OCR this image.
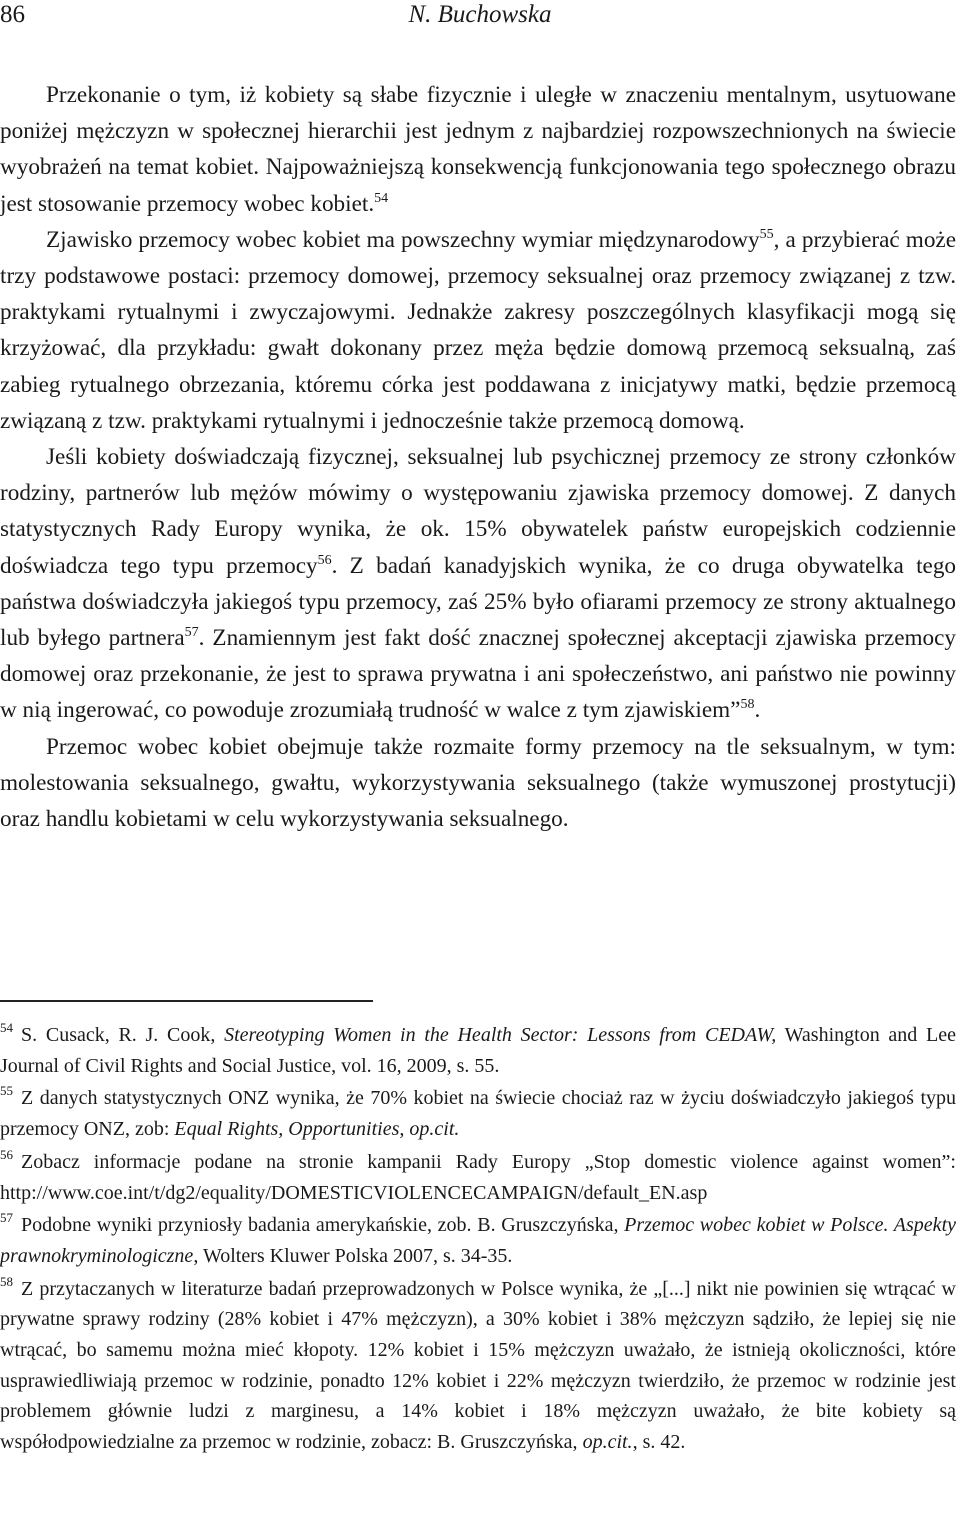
86	N. Buchowska

Przekonanie o tym, iż kobiety są słabe fizycznie i uległe w znaczeniu mentalnym, usytuowane poniżej mężczyzn w społecznej hierarchii jest jednym z najbardziej rozpowszechnionych na świecie wyobrażeń na temat kobiet. Najpoważniejszą konsekwencją funkcjonowania tego społecznego obrazu jest stosowanie przemocy wobec kobiet.$^{54}$

Zjawisko przemocy wobec kobiet ma powszechny wymiar międzynarodowy$^{55}$, a przybierać może trzy podstawowe postaci: przemocy domowej, przemocy seksualnej oraz przemocy związanej z tzw. praktykami rytualnymi i zwyczajowymi. Jednakże zakresy poszczególnych klasyfikacji mogą się krzyżować, dla przykładu: gwałt dokonany przez męża będzie domową przemocą seksualną, zaś zabieg rytualnego obrzezania, któremu córka jest poddawana z inicjatywy matki, będzie przemocą związaną z tzw. praktykami rytualnymi i jednocześnie także przemocą domową.

Jeśli kobiety doświadczają fizycznej, seksualnej lub psychicznej przemocy ze strony członków rodziny, partnerów lub mężów mówimy o występowaniu zjawiska przemocy domowej. Z danych statystycznych Rady Europy wynika, że ok. 15% obywatelek państw europejskich codziennie doświadcza tego typu przemocy$^{56}$. Z badań kanadyjskich wynika, że co druga obywatelka tego państwa doświadczyła jakiegoś typu przemocy, zaś 25% było ofiarami przemocy ze strony aktualnego lub byłego partnera$^{57}$. Znamiennym jest fakt dość znacznej społecznej akceptacji zjawiska przemocy domowej oraz przekonanie, że jest to sprawa prywatna i ani społeczeństwo, ani państwo nie powinny w nią ingerować, co powoduje zrozumiałą trudność w walce z tym zjawiskiem”$^{58}$.

Przemoc wobec kobiet obejmuje także rozmaite formy przemocy na tle seksualnym, w tym: molestowania seksualnego, gwałtu, wykorzystywania seksualnego (także wymuszonej prostytucji) oraz handlu kobietami w celu wykorzystywania seksualnego.

$^{54}$ S. Cusack, R. J. Cook, Stereotyping Women in the Health Sector: Lessons from CEDAW, Washington and Lee Journal of Civil Rights and Social Justice, vol. 16, 2009, s. 55.

$^{55}$ Z danych statystycznych ONZ wynika, że 70% kobiet na świecie chociaż raz w życiu doświadczyło jakiegoś typu przemocy ONZ, zob: Equal Rights, Opportunities, op.cit.

$^{56}$ Zobacz informacje podane na stronie kampanii Rady Europy „Stop domestic violence against women”: http://www.coe.int/t/dg2/equality/DOMESTICVIOLENCECAMPAIGN/default_EN.asp

$^{57}$ Podobne wyniki przyniosły badania amerykańskie, zob. B. Gruszczyńska, Przemoc wobec kobiet w Polsce. Aspekty prawnokryminologiczne, Wolters Kluwer Polska 2007, s. 34-35.

$^{58}$ Z przytaczanych w literaturze badań przeprowadzonych w Polsce wynika, że „[...] nikt nie powinien się wtrącać w prywatne sprawy rodziny (28% kobiet i 47% mężczyzn), a 30% kobiet i 38% mężczyzn sądziło, że lepiej się nie wtrącać, bo samemu można mieć kłopoty. 12% kobiet i 15% mężczyzn uważało, że istnieją okoliczności, które usprawiedliwiają przemoc w rodzinie, ponadto 12% kobiet i 22% mężczyzn twierdziło, że przemoc w rodzinie jest problemem głównie ludzi z marginesu, a 14% kobiet i 18% mężczyzn uważało, że bite kobiety są współodpowiedzialne za przemoc w rodzinie, zobacz: B. Gruszczyńska, op.cit., s. 42.
